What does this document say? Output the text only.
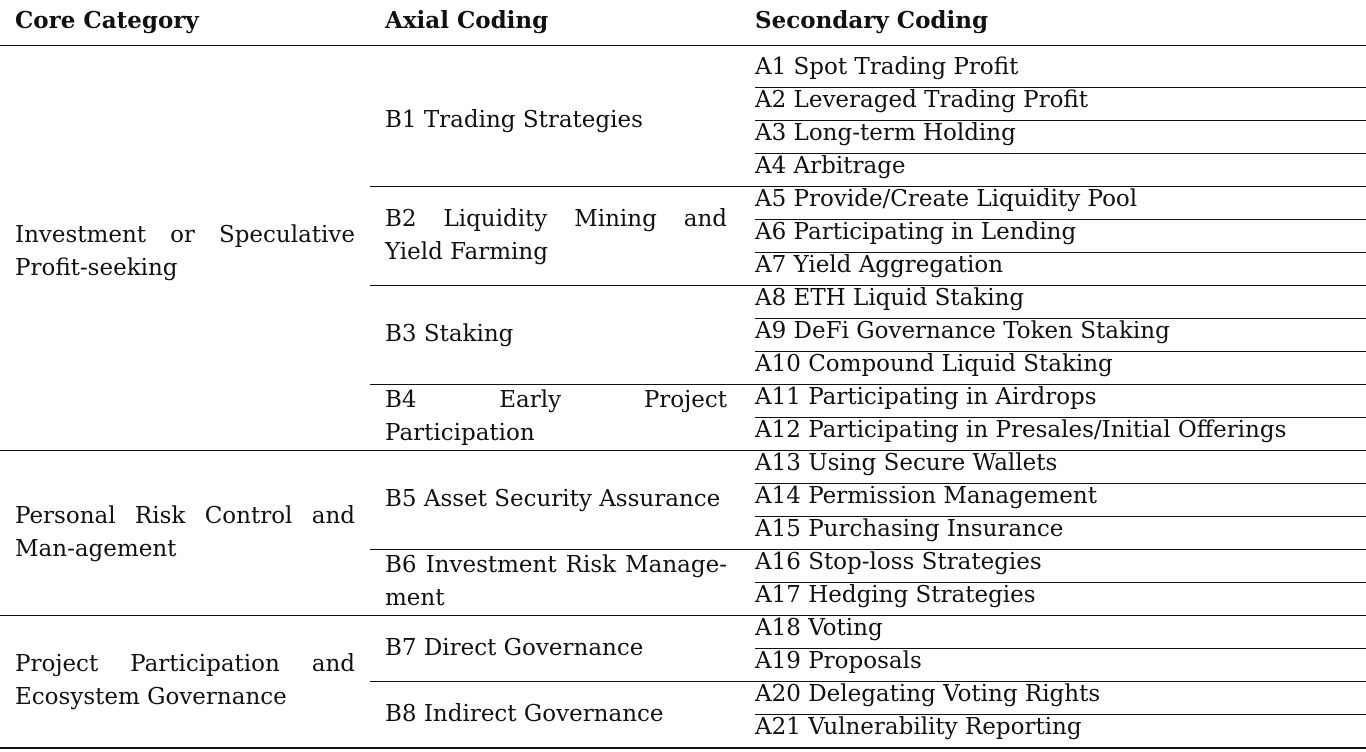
Core Category	Axial Coding	Secondary Coding
Investment or Speculative Profit-seeking
B1 Trading Strategies
A1 Spot Trading Profit
A2 Leveraged Trading Profit
A3 Long-term Holding
A4 Arbitrage
B2 Liquidity Mining and Yield Farming
A5 Provide/Create Liquidity Pool
A6 Participating in Lending
A7 Yield Aggregation
B3 Staking
A8 ETH Liquid Staking
A9 DeFi Governance Token Staking
A10 Compound Liquid Staking
B4 Early Project Participation
A11 Participating in Airdrops
A12 Participating in Presales/Initial Offerings
Personal Risk Control and Man-agement
B5 Asset Security Assurance
A13 Using Secure Wallets
A14 Permission Management
A15 Purchasing Insurance
B6 Investment Risk Manage-ment
A16 Stop-loss Strategies
A17 Hedging Strategies
Project Participation and Ecosystem Governance
B7 Direct Governance
A18 Voting
A19 Proposals
B8 Indirect Governance
A20 Delegating Voting Rights
A21 Vulnerability Reporting
